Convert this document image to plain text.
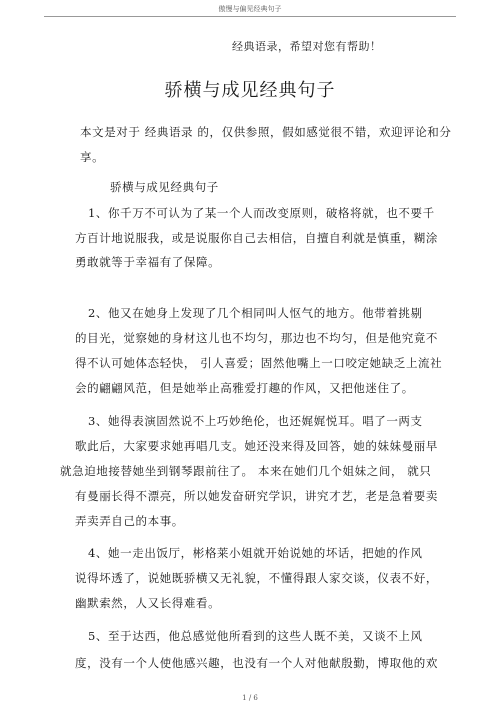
傲慢与偏见经典句子
经典语录，希望对您有帮助！
骄横与成见经典句子
本文是对于 经典语录 的，仅供参照，假如感觉很不错，欢迎评论和分
享。
骄横与成见经典句子
1、你千万不可认为了某一个人而改变原则，破格将就，也不要千
方百计地说服我，或是说服你自己去相信，自擅自利就是慎重，糊涂
勇敢就等于幸福有了保障。
2、他又在她身上发现了几个相同叫人怄气的地方。他带着挑剔
的目光，觉察她的身材这儿也不均匀，那边也不均匀，但是他究竟不
得不认可她体态轻快， 引人喜爱；固然他嘴上一口咬定她缺乏上流社
会的翩翩风范，但是她举止高雅爱打趣的作风，又把他迷住了。
3、她得表演固然说不上巧妙绝伦，也还娓娓悦耳。唱了一两支
歌此后，大家要求她再唱几支。她还没来得及回答，她的妹妹曼丽早
就急迫地接替她坐到钢琴跟前往了。 本来在她们几个姐妹之间， 就只
有曼丽长得不漂亮，所以她发奋研究学识，讲究才艺，老是急着要卖
弄卖弄自己的本事。
4、她一走出饭厅，彬格莱小姐就开始说她的坏话，把她的作风
说得坏透了，说她既骄横又无礼貌，不懂得跟人家交谈，仪表不好，
幽默索然，人又长得难看。
5、至于达西，他总感觉他所看到的这些人既不美，又谈不上风
度，没有一个人使他感兴趣，也没有一个人对他献殷勤，博取他的欢
1 / 6
